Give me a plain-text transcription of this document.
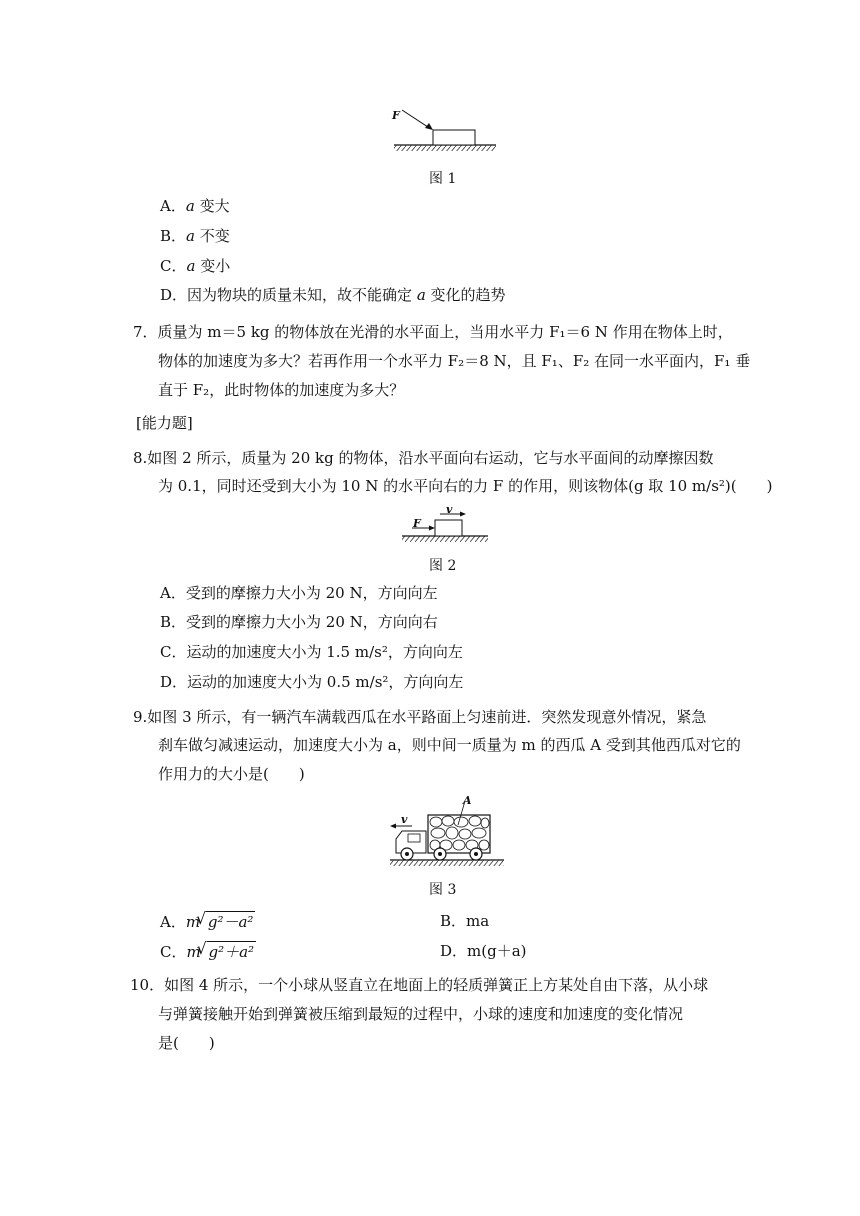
F
图 1
A．a 变大
B．a 不变
C．a 变小
D．因为物块的质量未知，故不能确定 a 变化的趋势
7．质量为 m＝5 kg 的物体放在光滑的水平面上，当用水平力 F₁＝6 N 作用在物体上时，
物体的加速度为多大？若再作用一个水平力 F₂＝8 N，且 F₁、F₂ 在同一水平面内，F₁ 垂
直于 F₂，此时物体的加速度为多大？
[能力题]
8.如图 2 所示，质量为 20 kg 的物体，沿水平面向右运动，它与水平面间的动摩擦因数
为 0.1，同时还受到大小为 10 N 的水平向右的力 F 的作用，则该物体(g 取 10 m/s²)(　　)
F
v
图 2
A．受到的摩擦力大小为 20 N，方向向左
B．受到的摩擦力大小为 20 N，方向向右
C．运动的加速度大小为 1.5 m/s²，方向向左
D．运动的加速度大小为 0.5 m/s²，方向向左
9.如图 3 所示，有一辆汽车满载西瓜在水平路面上匀速前进．突然发现意外情况，紧急
刹车做匀减速运动，加速度大小为 a，则中间一质量为 m 的西瓜 A 受到其他西瓜对它的
作用力的大小是(　　)
v
A
图 3
A．m √ g²－a²	B．ma
C．m √ g²＋a²	D．m(g＋a)
10．如图 4 所示，一个小球从竖直立在地面上的轻质弹簧正上方某处自由下落，从小球
与弹簧接触开始到弹簧被压缩到最短的过程中，小球的速度和加速度的变化情况
是(　　)
